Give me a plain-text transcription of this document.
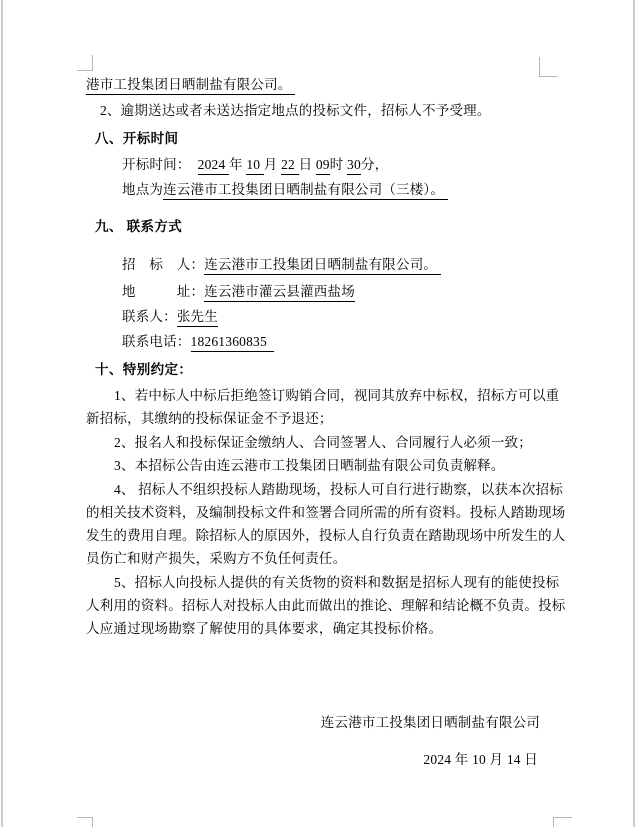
港市工投集团日晒制盐有限公司。
2、逾期送达或者未送达指定地点的投标文件，招标人不予受理。
八、开标时间
开标时间：  2024 年 10 月 22 日 09时 30分，
地点为连云港市工投集团日晒制盐有限公司（三楼）。
九、 联系方式
招　标　人：连云港市工投集团日晒制盐有限公司。
地　　　址：连云港市灌云县灌西盐场
联系人：张先生
联系电话：18261360835
十、特别约定：
1、若中标人中标后拒绝签订购销合同，视同其放弃中标权，招标方可以重
新招标，其缴纳的投标保证金不予退还；
2、报名人和投标保证金缴纳人、合同签署人、合同履行人必须一致；
3、本招标公告由连云港市工投集团日晒制盐有限公司负责解释。
4、 招标人不组织投标人踏勘现场，投标人可自行进行勘察，以获本次招标
的相关技术资料，及编制投标文件和签署合同所需的所有资料。投标人踏勘现场
发生的费用自理。除招标人的原因外，投标人自行负责在踏勘现场中所发生的人
员伤亡和财产损失，采购方不负任何责任。
5、招标人向投标人提供的有关货物的资料和数据是招标人现有的能使投标
人利用的资料。招标人对投标人由此而做出的推论、理解和结论概不负责。投标
人应通过现场勘察了解使用的具体要求，确定其投标价格。
连云港市工投集团日晒制盐有限公司
2024 年 10 月 14 日
